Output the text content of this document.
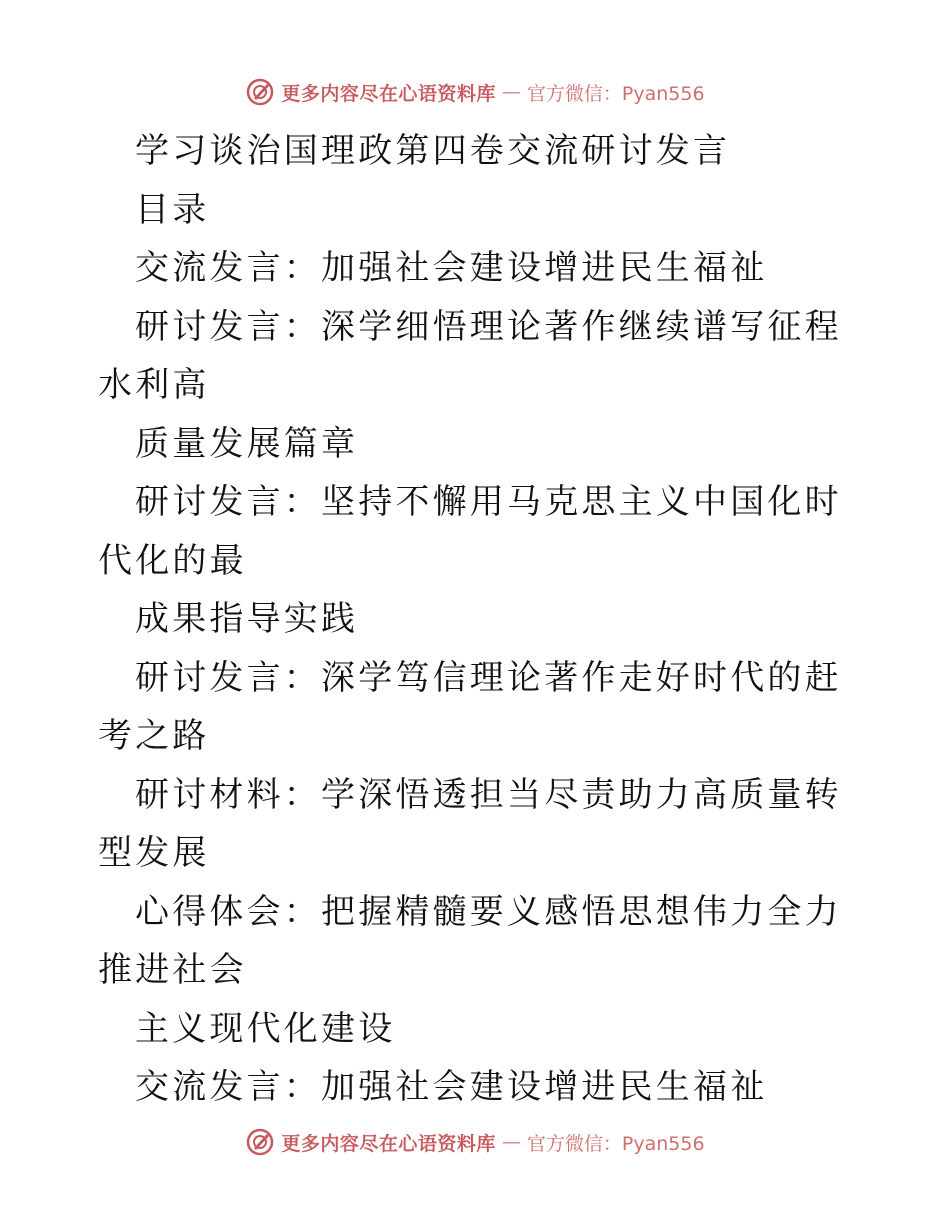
更多内容尽在心语资料库 — 官方微信：Pyan556

学习谈治国理政第四卷交流研讨发言

目录

交流发言：加强社会建设增进民生福祉

研讨发言：深学细悟理论著作继续谱写征程水利高

质量发展篇章

研讨发言：坚持不懈用马克思主义中国化时代化的最

成果指导实践

研讨发言：深学笃信理论著作走好时代的赶考之路

研讨材料：学深悟透担当尽责助力高质量转型发展

心得体会：把握精髓要义感悟思想伟力全力推进社会

主义现代化建设

交流发言：加强社会建设增进民生福祉

更多内容尽在心语资料库 — 官方微信：Pyan556
